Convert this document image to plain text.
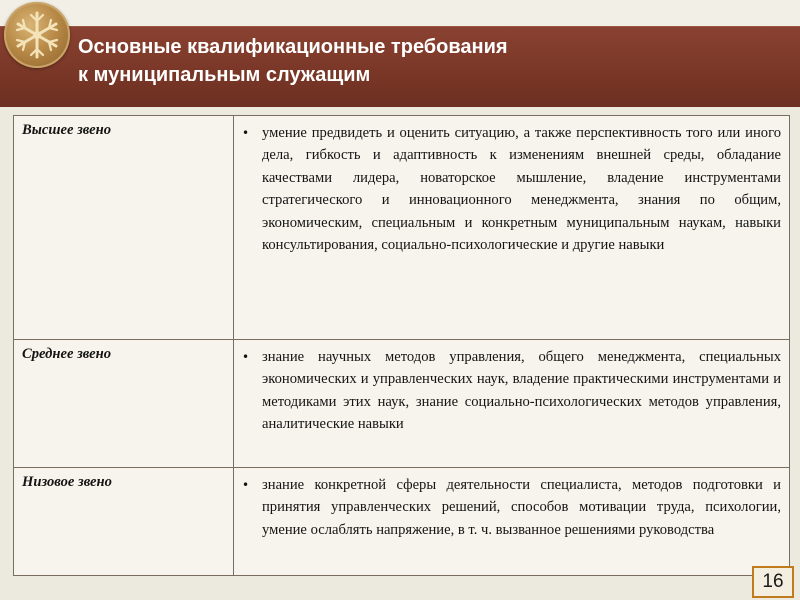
Основные квалификационные требования
к муниципальным служащим
Высшее звено	• умение предвидеть и оценить ситуацию, а также перспективность того или иного дела, гибкость и адаптивность к изменениям внешней среды, обладание качествами лидера, новаторское мышление, владение инструментами стратегического и инновационного менеджмента, знания по общим, экономическим, специальным и конкретным муниципальным наукам, навыки консультирования, социально-психологические и другие навыки

Среднее звено	• знание научных методов управления, общего менеджмента, специальных экономических и управленческих наук, владение практическими инструментами и методиками этих наук, знание социально-психологических методов управления, аналитические навыки

Низовое звено	• знание конкретной сферы деятельности специалиста, методов подготовки и принятия управленческих решений, способов мотивации труда, психологии, умение ослаблять напряжение, в т. ч. вызванное решениями руководства
16
